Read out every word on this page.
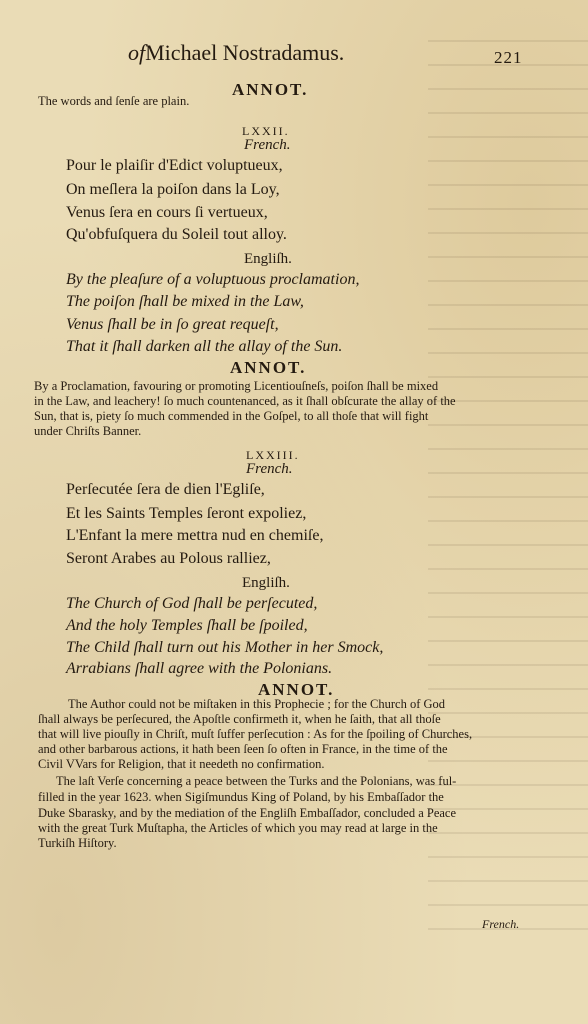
ofMichael Nostradamus.	221
ANNOT.
The words and ſenſe are plain.
LXXII.
French.
Pour le plaiſir d'Edict voluptueux,
On meſlera la poiſon dans la Loy,
Venus ſera en cours ſi vertueux,
Qu'obfuſquera du Soleil tout alloy.
Engliſh.
By the pleaſure of a voluptuous proclamation,
The poiſon ſhall be mixed in the Law,
Venus ſhall be in ſo great requeſt,
That it ſhall darken all the allay of the Sun.
ANNOT.
By a Proclamation, favouring or promoting Licentiouſneſs, poiſon ſhall be mixed
in the Law, and leachery! ſo much countenanced, as it ſhall obſcurate the allay of the
Sun, that is, piety ſo much commended in the Goſpel, to all thoſe that will fight
under Chriſts Banner.
LXXIII.
French.
Perſecutée ſera de dien l'Egliſe,
Et les Saints Temples ſeront expoliez,
L'Enfant la mere mettra nud en chemiſe,
Seront Arabes au Polous ralliez,
Engliſh.
The Church of God ſhall be perſecuted,
And the holy Temples ſhall be ſpoiled,
The Child ſhall turn out his Mother in her Smock,
Arrabians ſhall agree with the Polonians.
ANNOT.
The Author could not be miſtaken in this Prophecie ; for the Church of God
ſhall always be perſecured, the Apoſtle confirmeth it, when he ſaith, that all thoſe
that will live piouſly in Chriſt, muſt ſuffer perſecution : As for the ſpoiling of Churches,
and other barbarous actions, it hath been ſeen ſo often in France, in the time of the
Civil VVars for Religion, that it needeth no confirmation.
The laſt Verſe concerning a peace between the Turks and the Polonians, was ful-
filled in the year 1623. when Sigiſmundus King of Poland, by his Embaſſador the
Duke Sbarasky, and by the mediation of the Engliſh Embaſſador, concluded a Peace
with the great Turk Muſtapha, the Articles of which you may read at large in the
Turkiſh Hiſtory.
French.
